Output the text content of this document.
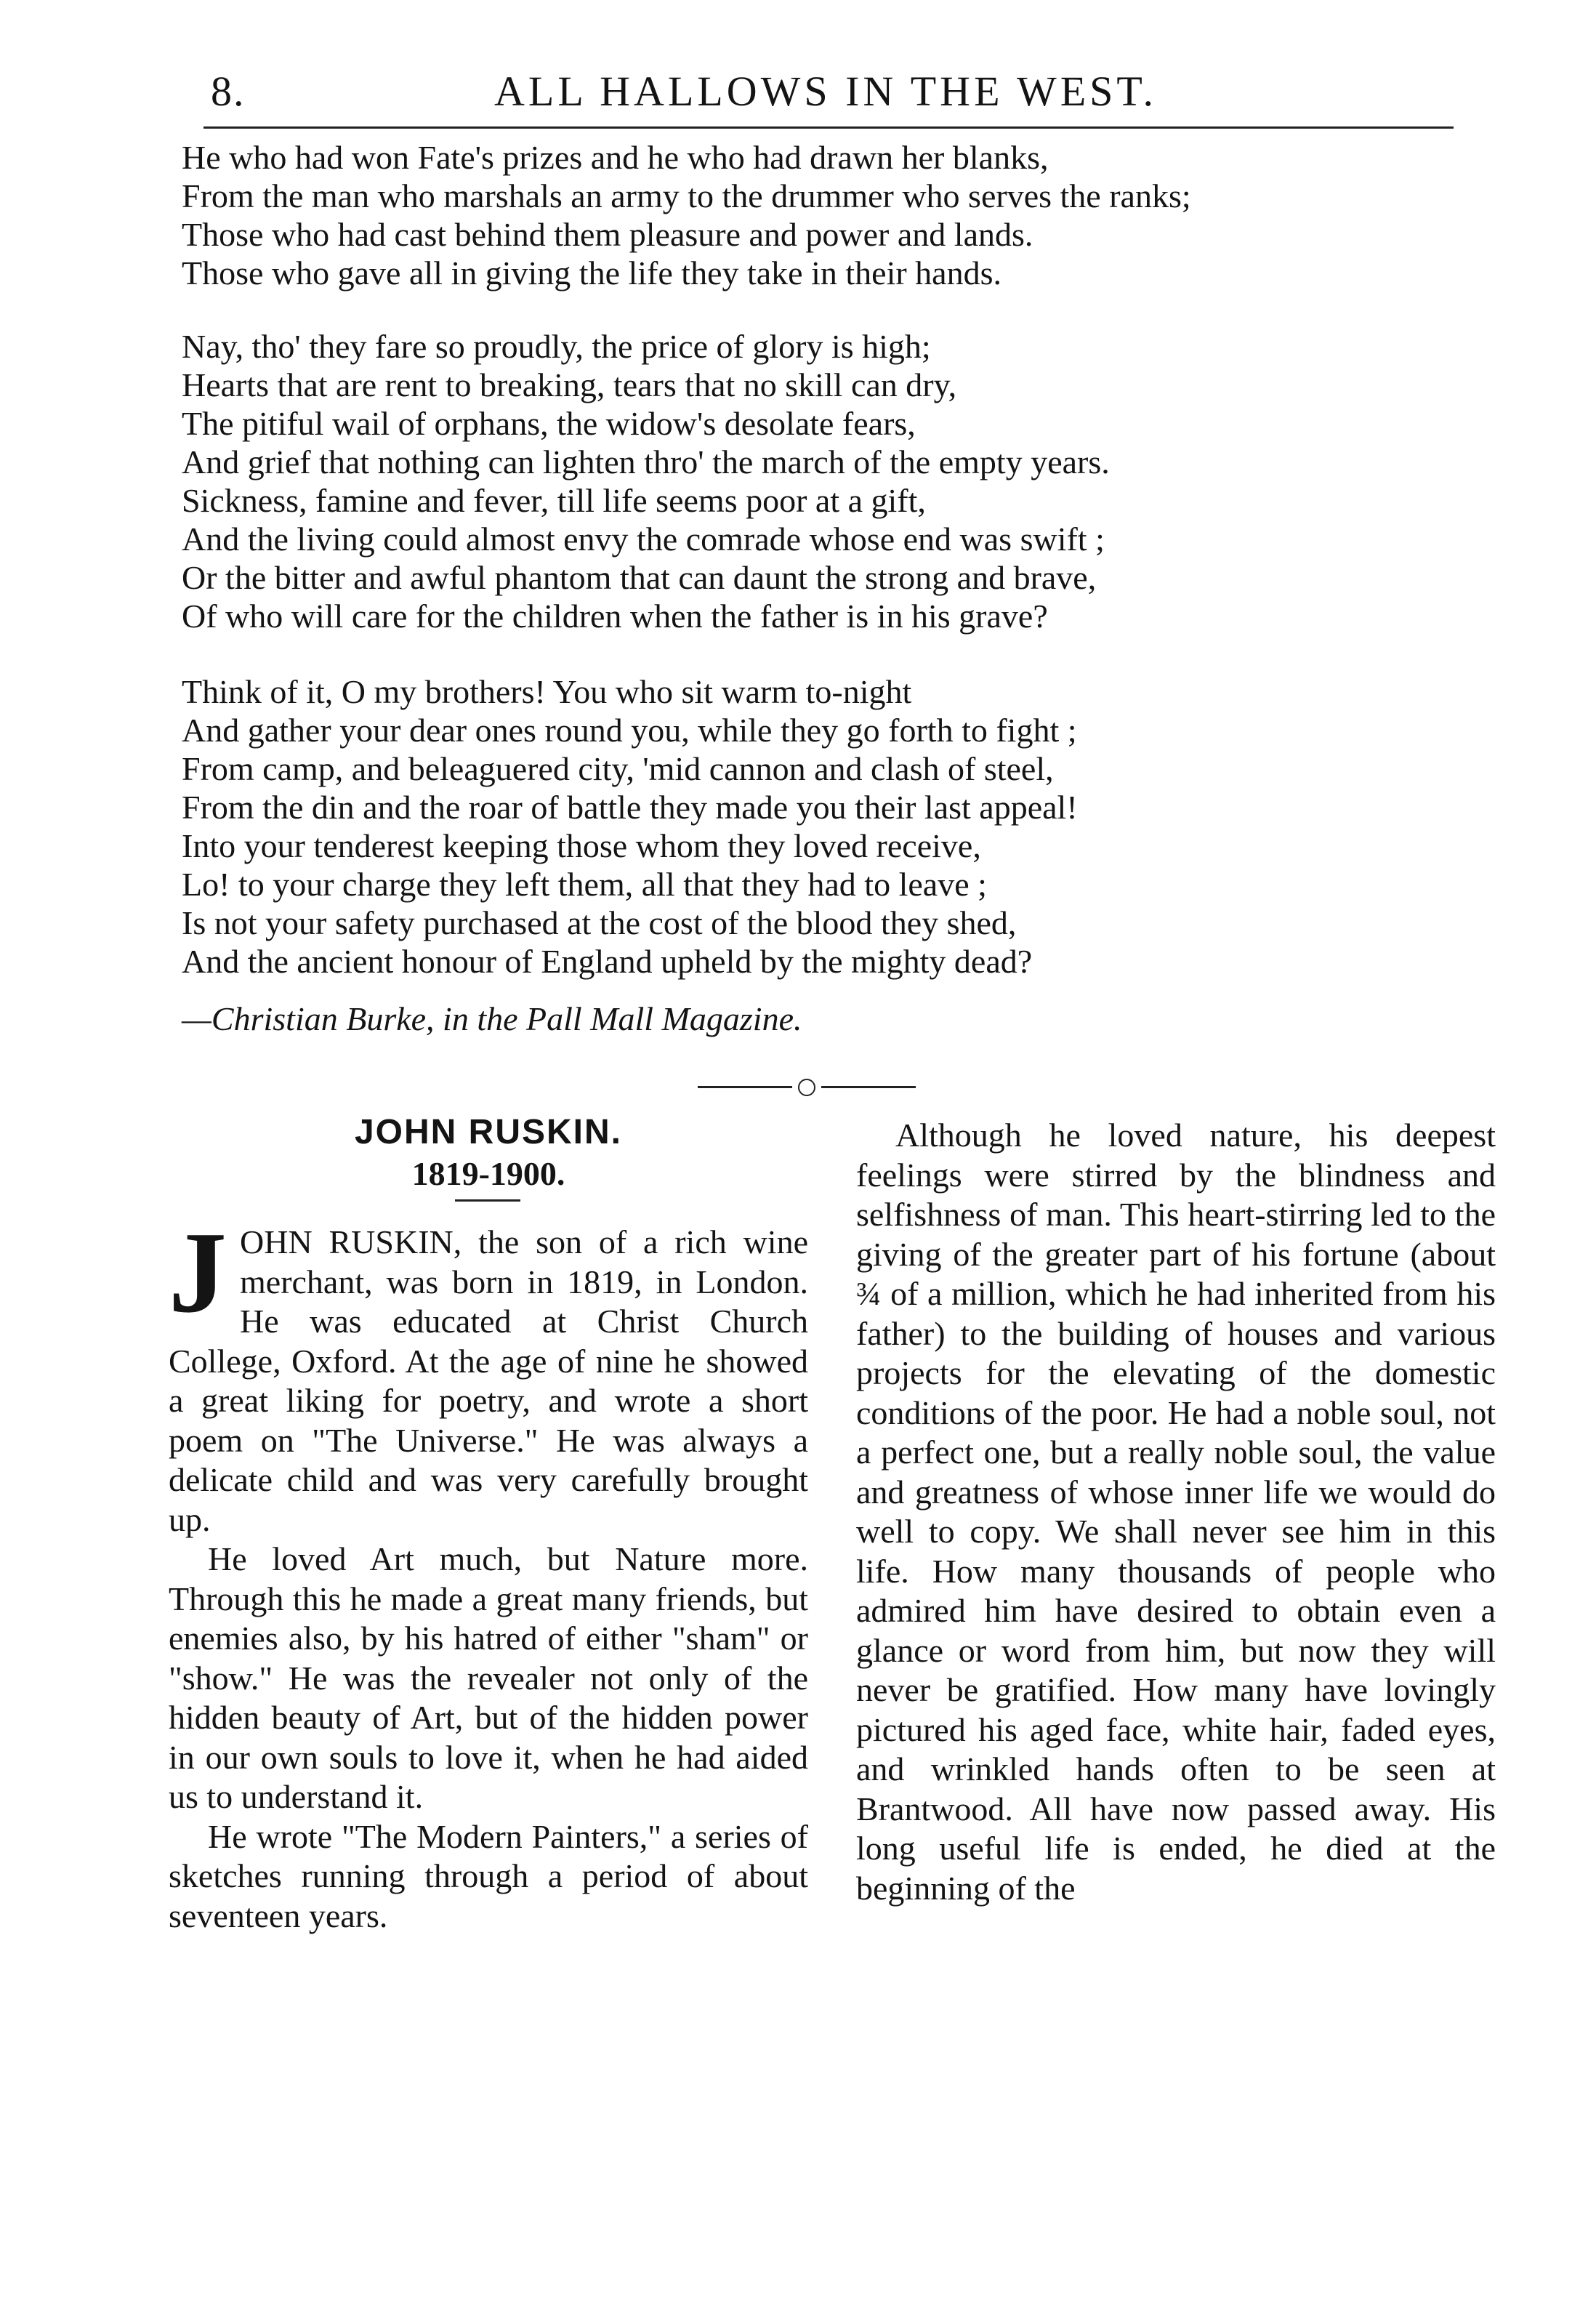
8.	ALL HALLOWS IN THE WEST.
He who had won Fate's prizes and he who had drawn her blanks,
From the man who marshals an army to the drummer who serves the ranks;
Those who had cast behind them pleasure and power and lands.
Those who gave all in giving the life they take in their hands.
Nay, tho' they fare so proudly, the price of glory is high;
Hearts that are rent to breaking, tears that no skill can dry,
The pitiful wail of orphans, the widow's desolate fears,
And grief that nothing can lighten thro' the march of the empty years.
Sickness, famine and fever, till life seems poor at a gift,
And the living could almost envy the comrade whose end was swift ;
Or the bitter and awful phantom that can daunt the strong and brave,
Of who will care for the children when the father is in his grave?
Think of it, O my brothers! You who sit warm to-night
And gather your dear ones round you, while they go forth to fight ;
From camp, and beleaguered city, 'mid cannon and clash of steel,
From the din and the roar of battle they made you their last appeal!
Into your tenderest keeping those whom they loved receive,
Lo! to your charge they left them, all that they had to leave ;
Is not your safety purchased at the cost of the blood they shed,
And the ancient honour of England upheld by the mighty dead?
—Christian Burke, in the Pall Mall Magazine.
JOHN RUSKIN.
1819-1900.

JOHN RUSKIN, the son of a rich wine merchant, was born in 1819, in London. He was educated at Christ Church College, Oxford. At the age of nine he showed a great liking for poetry, and wrote a short poem on "The Universe." He was always a delicate child and was very carefully brought up.

He loved Art much, but Nature more. Through this he made a great many friends, but enemies also, by his hatred of either "sham" or "show." He was the revealer not only of the hidden beauty of Art, but of the hidden power in our own souls to love it, when he had aided us to understand it.

He wrote "The Modern Painters," a series of sketches running through a period of about seventeen years.

Although he loved nature, his deepest feelings were stirred by the blindness and selfishness of man. This heart-stirring led to the giving of the greater part of his fortune (about ¾ of a million, which he had inherited from his father) to the building of houses and various projects for the elevating of the domestic conditions of the poor. He had a noble soul, not a perfect one, but a really noble soul, the value and greatness of whose inner life we would do well to copy. We shall never see him in this life. How many thousands of people who admired him have desired to obtain even a glance or word from him, but now they will never be gratified. How many have lovingly pictured his aged face, white hair, faded eyes, and wrinkled hands often to be seen at Brantwood. All have now passed away. His long useful life is ended, he died at the beginning of the
